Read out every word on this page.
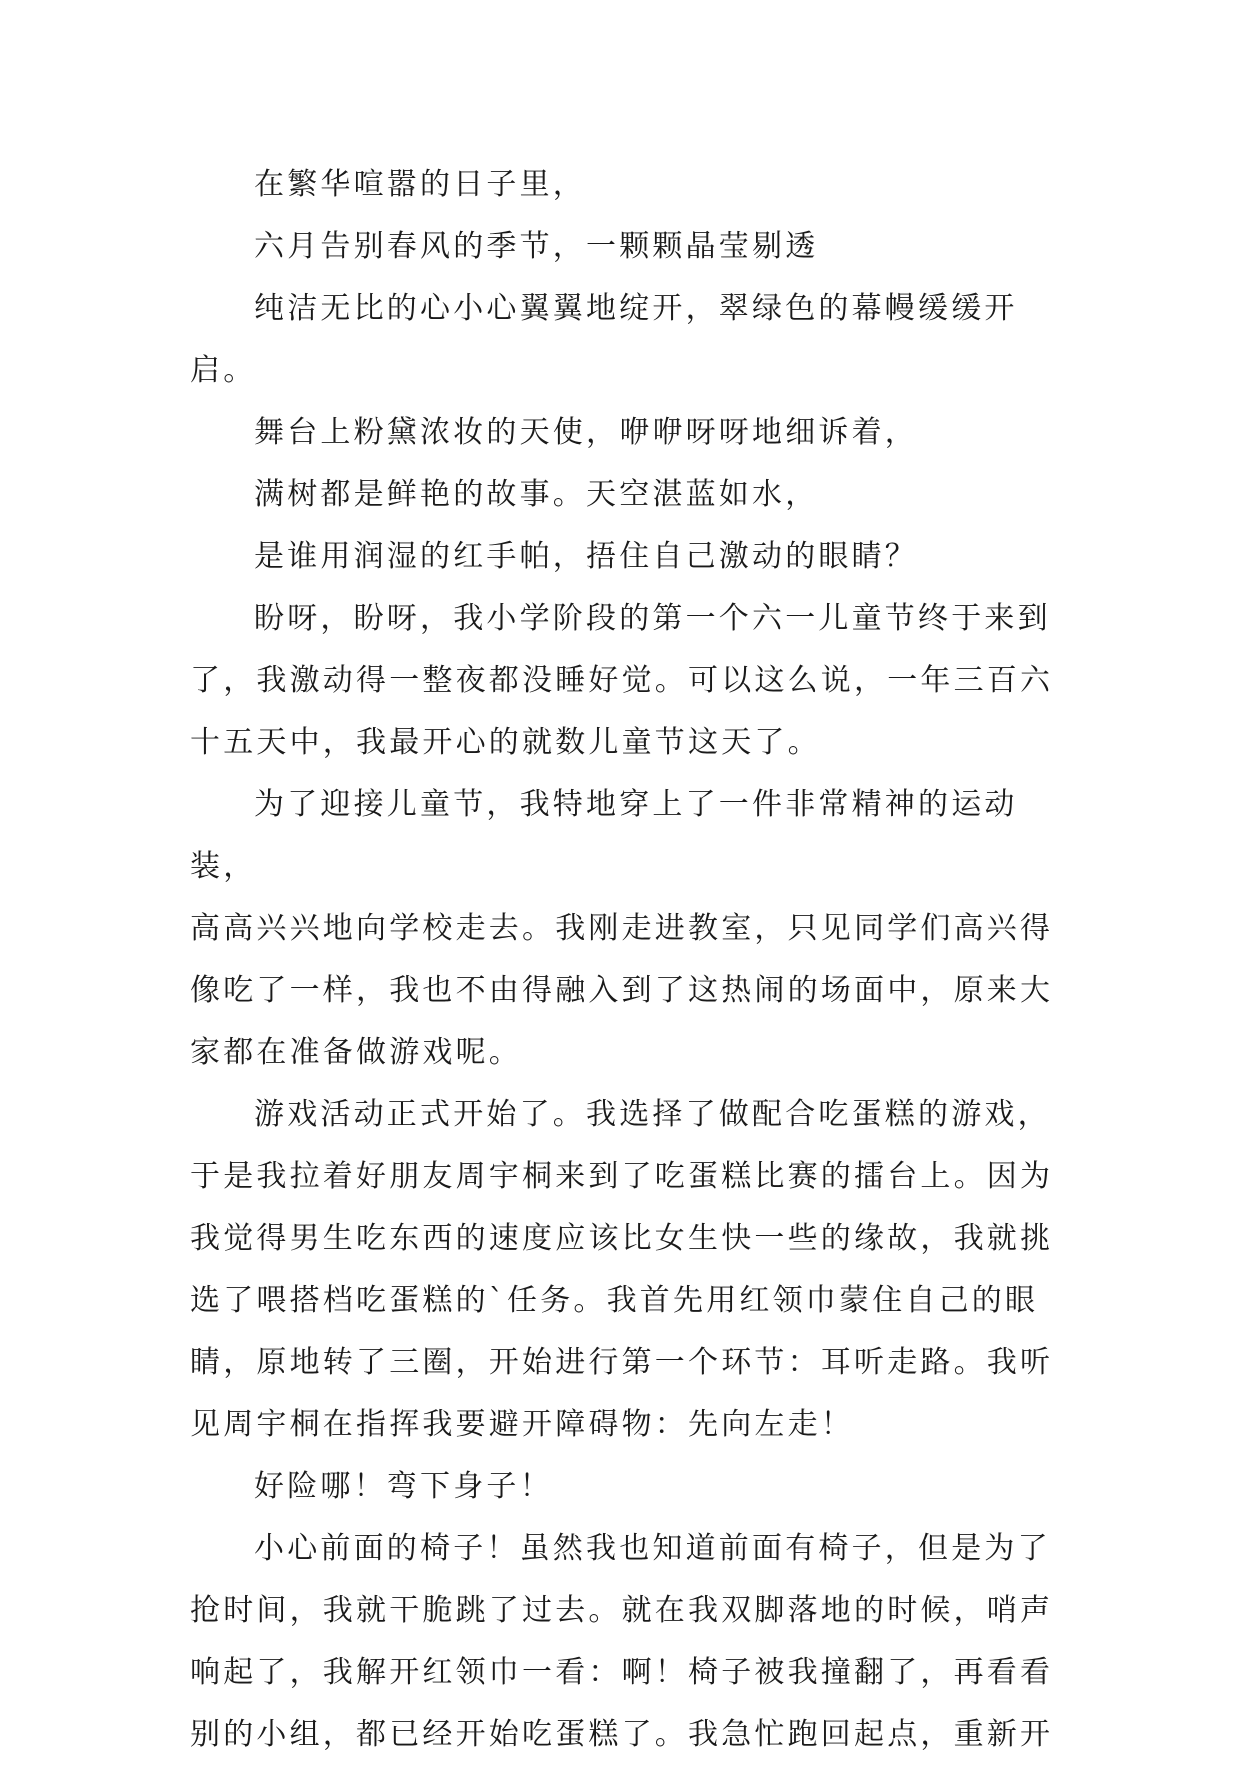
在繁华喧嚣的日子里，

六月告别春风的季节，一颗颗晶莹剔透

纯洁无比的心小心翼翼地绽开，翠绿色的幕幔缓缓开启。

舞台上粉黛浓妆的天使，咿咿呀呀地细诉着，

满树都是鲜艳的故事。天空湛蓝如水，

是谁用润湿的红手帕，捂住自己激动的眼睛？

盼呀，盼呀，我小学阶段的第一个六一儿童节终于来到
了，我激动得一整夜都没睡好觉。可以这么说，一年三百六
十五天中，我最开心的就数儿童节这天了。

为了迎接儿童节，我特地穿上了一件非常精神的运动装，
高高兴兴地向学校走去。我刚走进教室，只见同学们高兴得
像吃了一样，我也不由得融入到了这热闹的场面中，原来大
家都在准备做游戏呢。

游戏活动正式开始了。我选择了做配合吃蛋糕的游戏，
于是我拉着好朋友周宇桐来到了吃蛋糕比赛的擂台上。因为
我觉得男生吃东西的速度应该比女生快一些的缘故，我就挑
选了喂搭档吃蛋糕的`任务。我首先用红领巾蒙住自己的眼
睛，原地转了三圈，开始进行第一个环节：耳听走路。我听
见周宇桐在指挥我要避开障碍物：先向左走！

好险哪！弯下身子！

小心前面的椅子！虽然我也知道前面有椅子，但是为了
抢时间，我就干脆跳了过去。就在我双脚落地的时候，哨声
响起了，我解开红领巾一看：啊！椅子被我撞翻了，再看看
别的小组，都已经开始吃蛋糕了。我急忙跑回起点，重新开
